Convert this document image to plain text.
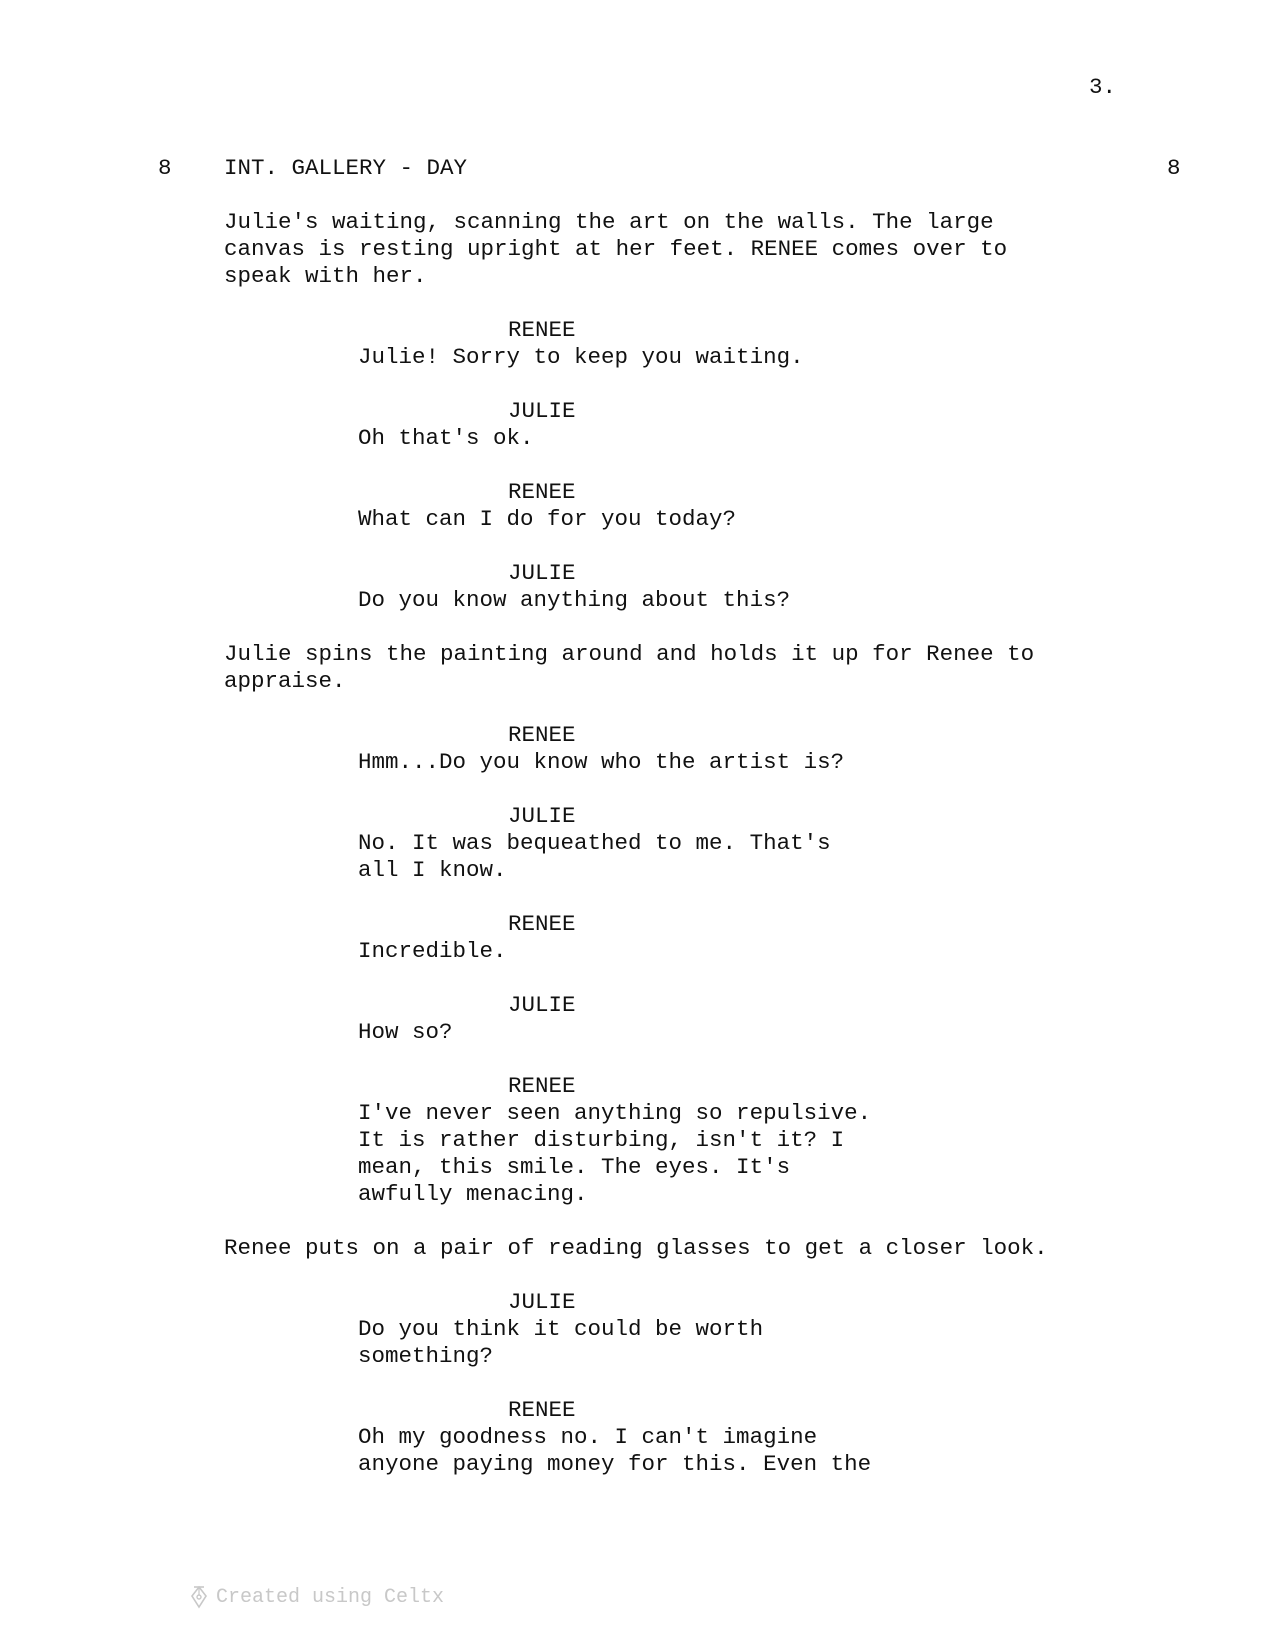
3.
8	8
INT. GALLERY - DAY
Julie's waiting, scanning the art on the walls. The large
canvas is resting upright at her feet. RENEE comes over to
speak with her.
RENEE
Julie! Sorry to keep you waiting.
JULIE
Oh that's ok.
RENEE
What can I do for you today?
JULIE
Do you know anything about this?
Julie spins the painting around and holds it up for Renee to
appraise.
RENEE
Hmm...Do you know who the artist is?
JULIE
No. It was bequeathed to me. That's
all I know.
RENEE
Incredible.
JULIE
How so?
RENEE
I've never seen anything so repulsive.
It is rather disturbing, isn't it? I
mean, this smile. The eyes. It's
awfully menacing.
Renee puts on a pair of reading glasses to get a closer look.
JULIE
Do you think it could be worth
something?
RENEE
Oh my goodness no. I can't imagine
anyone paying money for this. Even the
Created using Celtx
